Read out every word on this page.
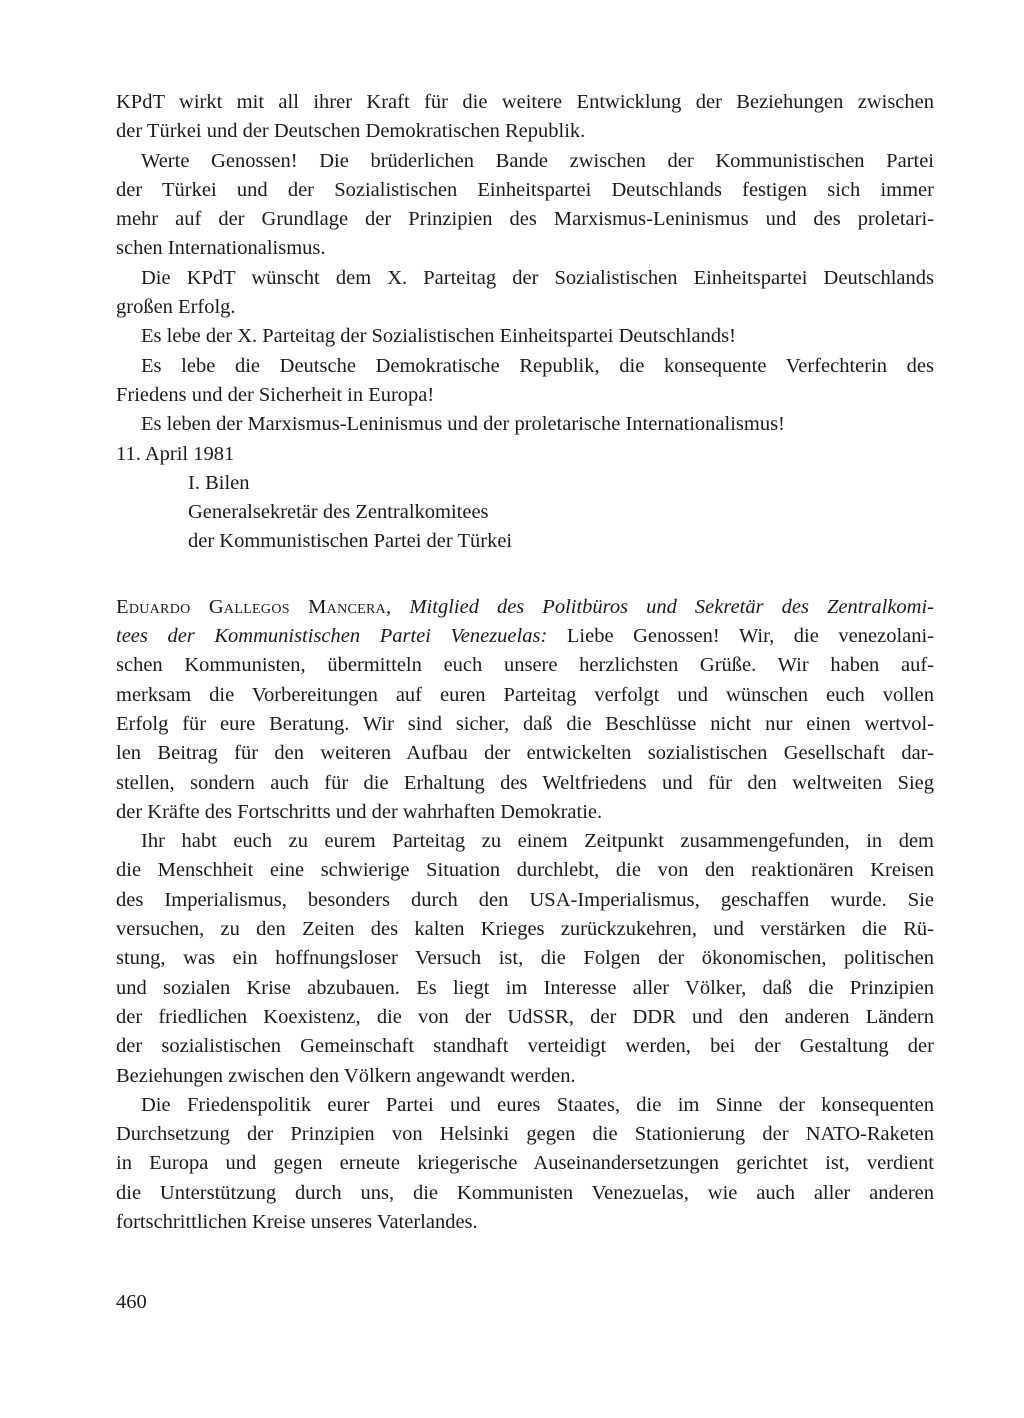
KPdT wirkt mit all ihrer Kraft für die weitere Entwicklung der Beziehungen zwischen
der Türkei und der Deutschen Demokratischen Republik.

Werte Genossen! Die brüderlichen Bande zwischen der Kommunistischen Partei
der Türkei und der Sozialistischen Einheitspartei Deutschlands festigen sich immer
mehr auf der Grundlage der Prinzipien des Marxismus-Leninismus und des proletari-
schen Internationalismus.

Die KPdT wünscht dem X. Parteitag der Sozialistischen Einheitspartei Deutschlands
großen Erfolg.

Es lebe der X. Parteitag der Sozialistischen Einheitspartei Deutschlands!

Es lebe die Deutsche Demokratische Republik, die konsequente Verfechterin des
Friedens und der Sicherheit in Europa!

Es leben der Marxismus-Leninismus und der proletarische Internationalismus!

11. April 1981

I. Bilen

Generalsekretär des Zentralkomitees

der Kommunistischen Partei der Türkei

Eduardo Gallegos Mancera, Mitglied des Politbüros und Sekretär des Zentralkomi-
tees der Kommunistischen Partei Venezuelas: Liebe Genossen! Wir, die venezolani-
schen Kommunisten, übermitteln euch unsere herzlichsten Grüße. Wir haben auf-
merksam die Vorbereitungen auf euren Parteitag verfolgt und wünschen euch vollen
Erfolg für eure Beratung. Wir sind sicher, daß die Beschlüsse nicht nur einen wertvol-
len Beitrag für den weiteren Aufbau der entwickelten sozialistischen Gesellschaft dar-
stellen, sondern auch für die Erhaltung des Weltfriedens und für den weltweiten Sieg
der Kräfte des Fortschritts und der wahrhaften Demokratie.

Ihr habt euch zu eurem Parteitag zu einem Zeitpunkt zusammengefunden, in dem
die Menschheit eine schwierige Situation durchlebt, die von den reaktionären Kreisen
des Imperialismus, besonders durch den USA-Imperialismus, geschaffen wurde. Sie
versuchen, zu den Zeiten des kalten Krieges zurückzukehren, und verstärken die Rü-
stung, was ein hoffnungsloser Versuch ist, die Folgen der ökonomischen, politischen
und sozialen Krise abzubauen. Es liegt im Interesse aller Völker, daß die Prinzipien
der friedlichen Koexistenz, die von der UdSSR, der DDR und den anderen Ländern
der sozialistischen Gemeinschaft standhaft verteidigt werden, bei der Gestaltung der
Beziehungen zwischen den Völkern angewandt werden.

Die Friedenspolitik eurer Partei und eures Staates, die im Sinne der konsequenten
Durchsetzung der Prinzipien von Helsinki gegen die Stationierung der NATO-Raketen
in Europa und gegen erneute kriegerische Auseinandersetzungen gerichtet ist, verdient
die Unterstützung durch uns, die Kommunisten Venezuelas, wie auch aller anderen
fortschrittlichen Kreise unseres Vaterlandes.

460
